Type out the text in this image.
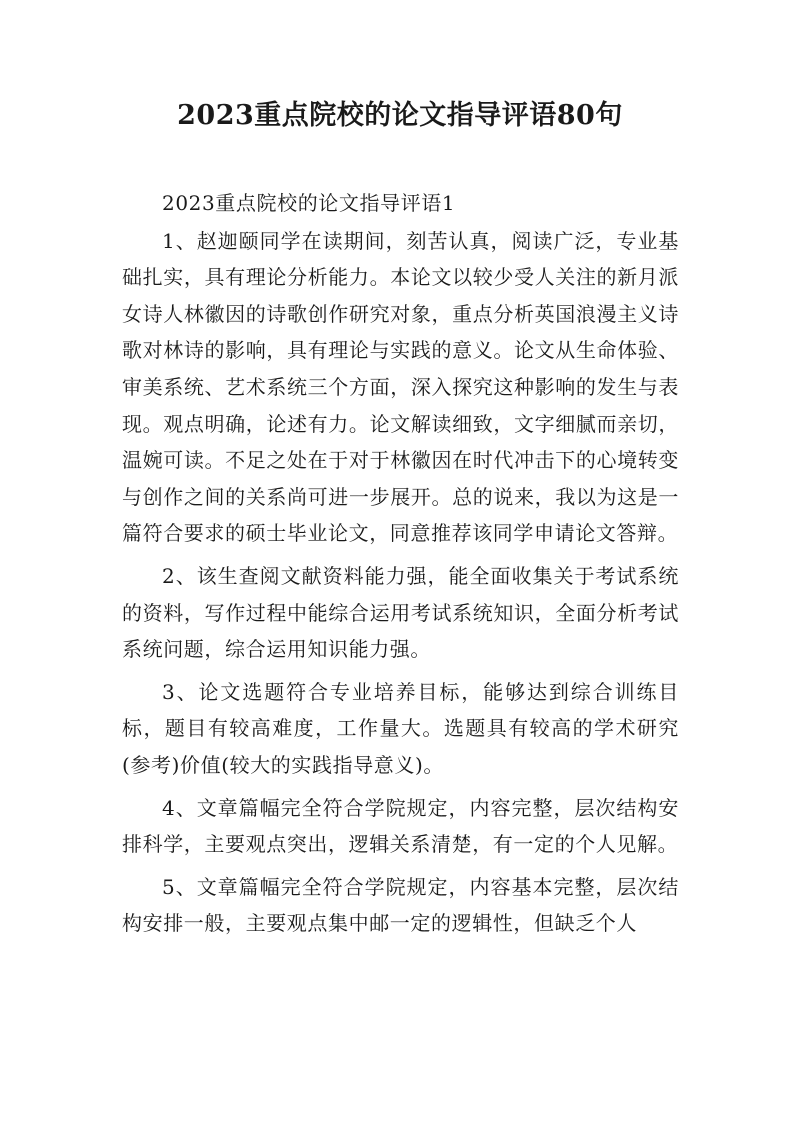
2023重点院校的论文指导评语80句

2023重点院校的论文指导评语1

1、赵迦颐同学在读期间，刻苦认真，阅读广泛，专业基础扎实，具有理论分析能力。本论文以较少受人关注的新月派女诗人林徽因的诗歌创作研究对象，重点分析英国浪漫主义诗歌对林诗的影响，具有理论与实践的意义。论文从生命体验、审美系统、艺术系统三个方面，深入探究这种影响的发生与表现。观点明确，论述有力。论文解读细致，文字细腻而亲切，温婉可读。不足之处在于对于林徽因在时代冲击下的心境转变与创作之间的关系尚可进一步展开。总的说来，我以为这是一篇符合要求的硕士毕业论文，同意推荐该同学申请论文答辩。

2、该生查阅文献资料能力强，能全面收集关于考试系统的资料，写作过程中能综合运用考试系统知识，全面分析考试系统问题，综合运用知识能力强。

3、论文选题符合专业培养目标，能够达到综合训练目标，题目有较高难度，工作量大。选题具有较高的学术研究(参考)价值(较大的实践指导意义)。

4、文章篇幅完全符合学院规定，内容完整，层次结构安排科学，主要观点突出，逻辑关系清楚，有一定的个人见解。

5、文章篇幅完全符合学院规定，内容基本完整，层次结构安排一般，主要观点集中邮一定的逻辑性，但缺乏个人
